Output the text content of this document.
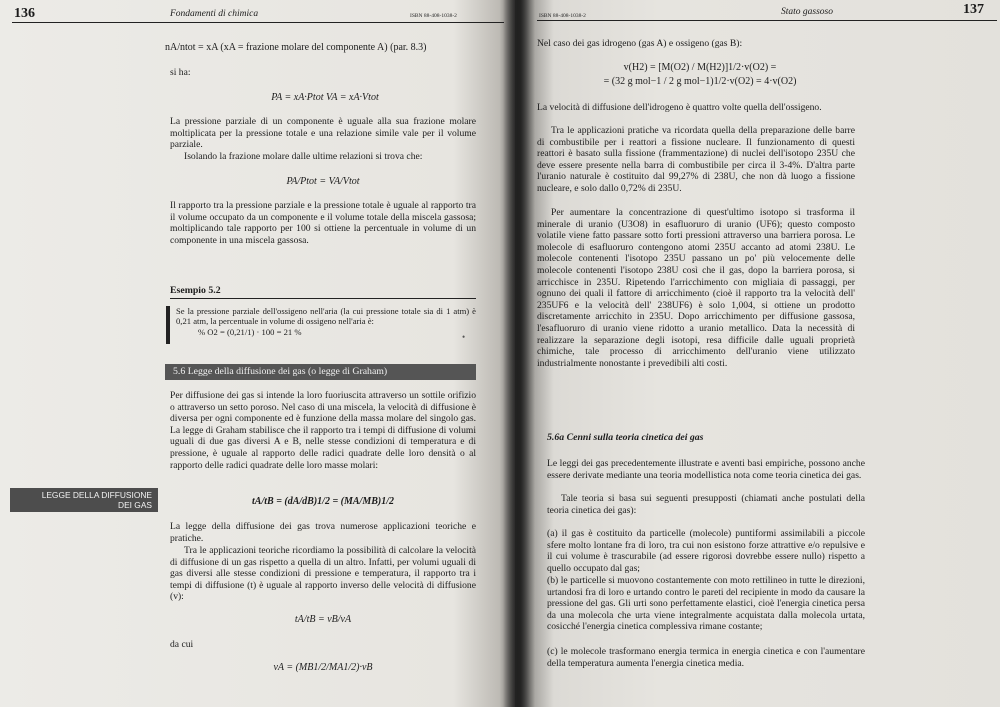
136	Fondamenti di chimica	ISBN 88-408-1038-2
nA/ntot = xA (xA = frazione molare del componente A) (par. 8.3)
si ha:
PA = xA·Ptot VA = xA·Vtot
La pressione parziale di un componente è uguale alla sua frazione molare moltiplicata per la pressione totale e una relazione simile vale per il volume parziale.
Isolando la frazione molare dalle ultime relazioni si trova che:
PA/Ptot = VA/Vtot
Il rapporto tra la pressione parziale e la pressione totale è uguale al rapporto tra il volume occupato da un componente e il volume totale della miscela gassosa; moltiplicando tale rapporto per 100 si ottiene la percentuale in volume di un componente in una miscela gassosa.
Esempio 5.2
Se la pressione parziale dell'ossigeno nell'aria (la cui pressione totale sia di 1 atm) è 0,21 atm, la percentuale in volume di ossigeno nell'aria è:
% O2 = (0,21/1) · 100 = 21 %
•
5.6 Legge della diffusione dei gas (o legge di Graham)
LEGGE DELLA DIFFUSIONE
DEI GAS
Per diffusione dei gas si intende la loro fuoriuscita attraverso un sottile orifizio o attraverso un setto poroso. Nel caso di una miscela, la velocità di diffusione è diversa per ogni componente ed è funzione della massa molare del singolo gas. La legge di Graham stabilisce che il rapporto tra i tempi di diffusione di volumi uguali di due gas diversi A e B, nelle stesse condizioni di temperatura e di pressione, è uguale al rapporto delle radici quadrate delle loro densità o al rapporto delle radici quadrate delle loro masse molari:
tA/tB = (dA/dB)1/2 = (MA/MB)1/2
La legge della diffusione dei gas trova numerose applicazioni teoriche e pratiche.
Tra le applicazioni teoriche ricordiamo la possibilità di calcolare la velocità di diffusione di un gas rispetto a quella di un altro. Infatti, per volumi uguali di gas diversi alle stesse condizioni di pressione e temperatura, il rapporto tra i tempi di diffusione (t) è uguale al rapporto inverso delle velocità di diffusione (v):
tA/tB = vB/vA
da cui
vA = (MB1/2/MA1/2)·vB
ISBN 88-408-1038-2	Stato gassoso	137
Nel caso dei gas idrogeno (gas A) e ossigeno (gas B):
v(H2) = [M(O2) / M(H2)]1/2·v(O2) =
= (32 g mol−1 / 2 g mol−1)1/2·v(O2) = 4·v(O2)
La velocità di diffusione dell'idrogeno è quattro volte quella dell'ossigeno.
Tra le applicazioni pratiche va ricordata quella della preparazione delle barre di combustibile per i reattori a fissione nucleare. Il funzionamento di questi reattori è basato sulla fissione (frammentazione) di nuclei dell'isotopo 235U che deve essere presente nella barra di combustibile per circa il 3-4%. D'altra parte l'uranio naturale è costituito dal 99,27% di 238U, che non dà luogo a fissione nucleare, e solo dallo 0,72% di 235U.
Per aumentare la concentrazione di quest'ultimo isotopo si trasforma il minerale di uranio (U3O8) in esafluoruro di uranio (UF6); questo composto volatile viene fatto passare sotto forti pressioni attraverso una barriera porosa. Le molecole di esafluoruro contengono atomi 235U accanto ad atomi 238U. Le molecole contenenti l'isotopo 235U passano un po' più velocemente delle molecole contenenti l'isotopo 238U così che il gas, dopo la barriera porosa, si arricchisce in 235U. Ripetendo l'arricchimento con migliaia di passaggi, per ognuno dei quali il fattore di arricchimento (cioè il rapporto tra la velocità dell' 235UF6 e la velocità dell' 238UF6) è solo 1,004, si ottiene un prodotto discretamente arricchito in 235U. Dopo arricchimento per diffusione gassosa, l'esafluoruro di uranio viene ridotto a uranio metallico. Data la necessità di realizzare la separazione degli isotopi, resa difficile dalle uguali proprietà chimiche, tale processo di arricchimento dell'uranio viene utilizzato industrialmente nonostante i prevedibili alti costi.
5.6a Cenni sulla teoria cinetica dei gas
Le leggi dei gas precedentemente illustrate e aventi basi empiriche, possono anche essere derivate mediante una teoria modellistica nota come teoria cinetica dei gas.
Tale teoria si basa sui seguenti presupposti (chiamati anche postulati della teoria cinetica dei gas):
(a) il gas è costituito da particelle (molecole) puntiformi assimilabili a piccole sfere molto lontane fra di loro, tra cui non esistono forze attrattive e/o repulsive e il cui volume è trascurabile (ad essere rigorosi dovrebbe essere nullo) rispetto a quello occupato dal gas;
(b) le particelle si muovono costantemente con moto rettilineo in tutte le direzioni, urtandosi fra di loro e urtando contro le pareti del recipiente in modo da causare la pressione del gas. Gli urti sono perfettamente elastici, cioè l'energia cinetica persa da una molecola che urta viene integralmente acquistata dalla molecola urtata, cosicché l'energia cinetica complessiva rimane costante;
(c) le molecole trasformano energia termica in energia cinetica e con l'aumentare della temperatura aumenta l'energia cinetica media.
